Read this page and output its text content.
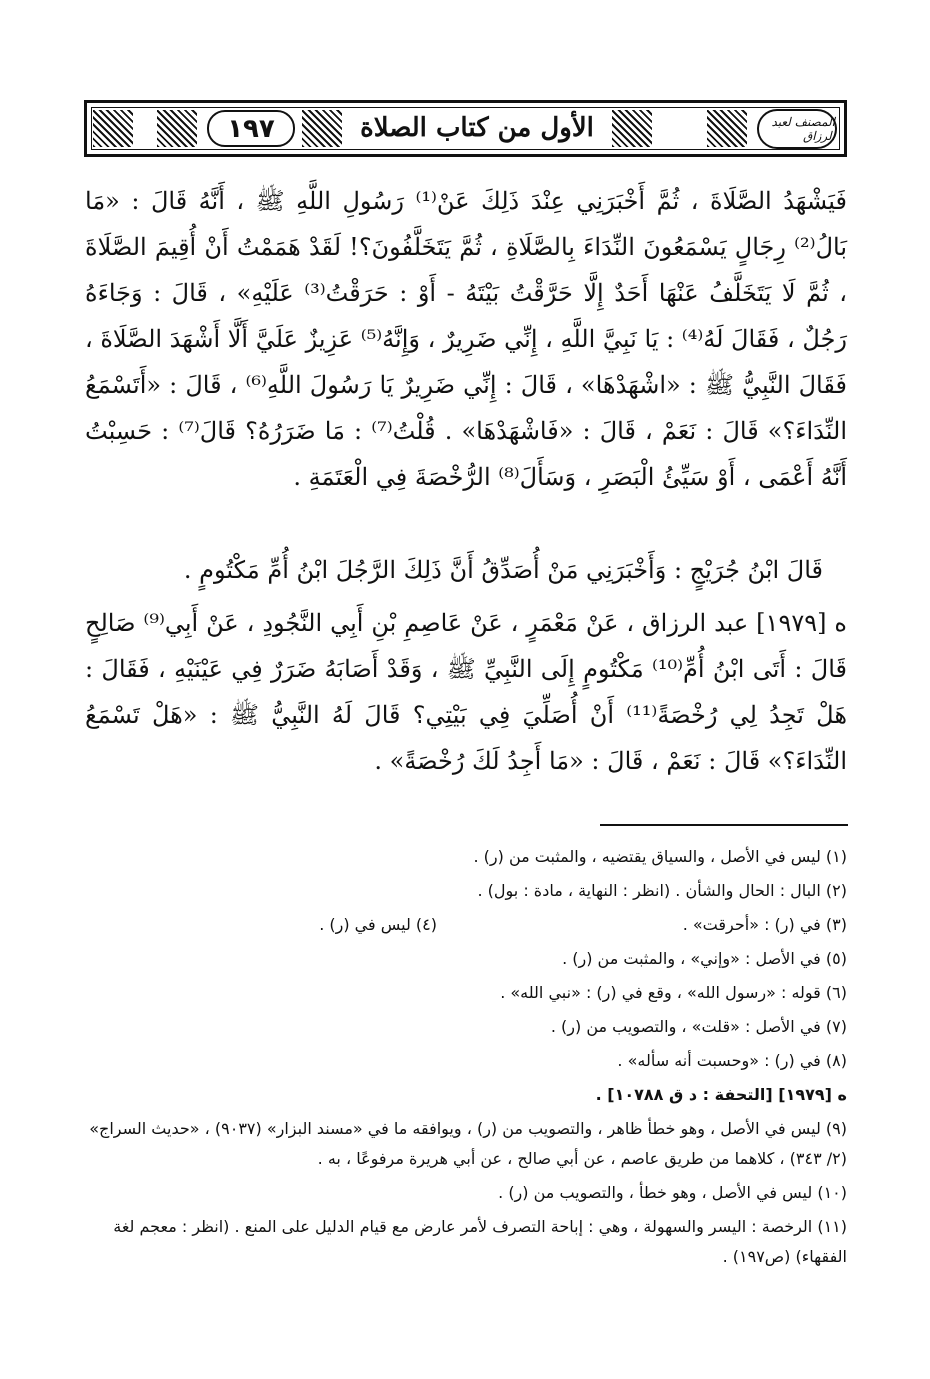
١٩٧	الأول من كتاب الصلاة	المصنف لعبد الرزاق

فَيَشْهَدُ الصَّلَاةَ ، ثُمَّ أَخْبَرَنِي عِنْدَ ذَلِكَ عَنْ⁽¹⁾ رَسُولِ اللَّهِ ﷺ ، أَنَّهُ قَالَ : «مَا بَالُ⁽²⁾ رِجَالٍ يَسْمَعُونَ النِّدَاءَ بِالصَّلَاةِ ، ثُمَّ يَتَخَلَّفُونَ؟! لَقَدْ هَمَمْتُ أَنْ أُقِيمَ الصَّلَاةَ ، ثُمَّ لَا يَتَخَلَّفُ عَنْهَا أَحَدٌ إِلَّا حَرَّقْتُ بَيْتَهُ - أَوْ : حَرَقْتُ⁽³⁾ عَلَيْهِ» ، قَالَ : وَجَاءَهُ رَجُلٌ ، فَقَالَ لَهُ⁽⁴⁾ : يَا نَبِيَّ اللَّهِ ، إِنِّي ضَرِيرٌ ، وَإِنَّهُ⁽⁵⁾ عَزِيزٌ عَلَيَّ أَلَّا أَشْهَدَ الصَّلَاةَ ، فَقَالَ النَّبِيُّ ﷺ : «اشْهَدْهَا» ، قَالَ : إِنِّي ضَرِيرٌ يَا رَسُولَ اللَّهِ⁽⁶⁾ ، قَالَ : «أَتَسْمَعُ النِّدَاءَ؟» قَالَ : نَعَمْ ، قَالَ : «فَاشْهَدْهَا» . قُلْتُ⁽⁷⁾ : مَا ضَرَرُهُ؟ قَالَ⁽⁷⁾ : حَسِبْتُ أَنَّهُ أَعْمَى ، أَوْ سَيِّئُ الْبَصَرِ ، وَسَأَلَ⁽⁸⁾ الرُّخْصَةَ فِي الْعَتَمَةِ .

قَالَ ابْنُ جُرَيْجٍ : وَأَخْبَرَنِي مَنْ أُصَدِّقُ أَنَّ ذَلِكَ الرَّجُلَ ابْنُ أُمِّ مَكْتُومٍ .

ه [١٩٧٩] عبد الرزاق ، عَنْ مَعْمَرٍ ، عَنْ عَاصِمِ بْنِ أَبِي النَّجُودِ ، عَنْ أَبِي⁽⁹⁾ صَالِحٍ قَالَ : أَتَى ابْنُ أُمِّ⁽¹⁰⁾ مَكْتُومٍ إِلَى النَّبِيِّ ﷺ ، وَقَدْ أَصَابَهُ ضَرَرٌ فِي عَيْنَيْهِ ، فَقَالَ : هَلْ تَجِدُ لِي رُخْصَةً⁽¹¹⁾ أَنْ أُصَلِّيَ فِي بَيْتِي؟ قَالَ لَهُ النَّبِيُّ ﷺ : «هَلْ تَسْمَعُ النِّدَاءَ؟» قَالَ : نَعَمْ ، قَالَ : «مَا أَجِدُ لَكَ رُخْصَةً» .

(١) ليس في الأصل ، والسياق يقتضيه ، والمثبت من (ر) .

(٢) البال : الحال والشأن . (انظر : النهاية ، مادة : بول) .

(٣) في (ر) : «أحرقت» .

(٤) ليس في (ر) .

(٥) في الأصل : «وإني» ، والمثبت من (ر) .

(٦) قوله : «رسول الله» ، وقع في (ر) : «نبي الله» .

(٧) في الأصل : «قلت» ، والتصويب من (ر) .

(٨) في (ر) : «وحسبت أنه سأله» .

ه [١٩٧٩] [التحفة : د ق ١٠٧٨٨] .

(٩) ليس في الأصل ، وهو خطأ ظاهر ، والتصويب من (ر) ، ويوافقه ما في «مسند البزار» (٩٠٣٧) ، «حديث السراج» (٢/ ٣٤٣) ، كلاهما من طريق عاصم ، عن أبي صالح ، عن أبي هريرة مرفوعًا ، به .

(١٠) ليس في الأصل ، وهو خطأ ، والتصويب من (ر) .

(١١) الرخصة : اليسر والسهولة ، وهي : إباحة التصرف لأمر عارض مع قيام الدليل على المنع . (انظر : معجم لغة الفقهاء) (ص١٩٧) .
